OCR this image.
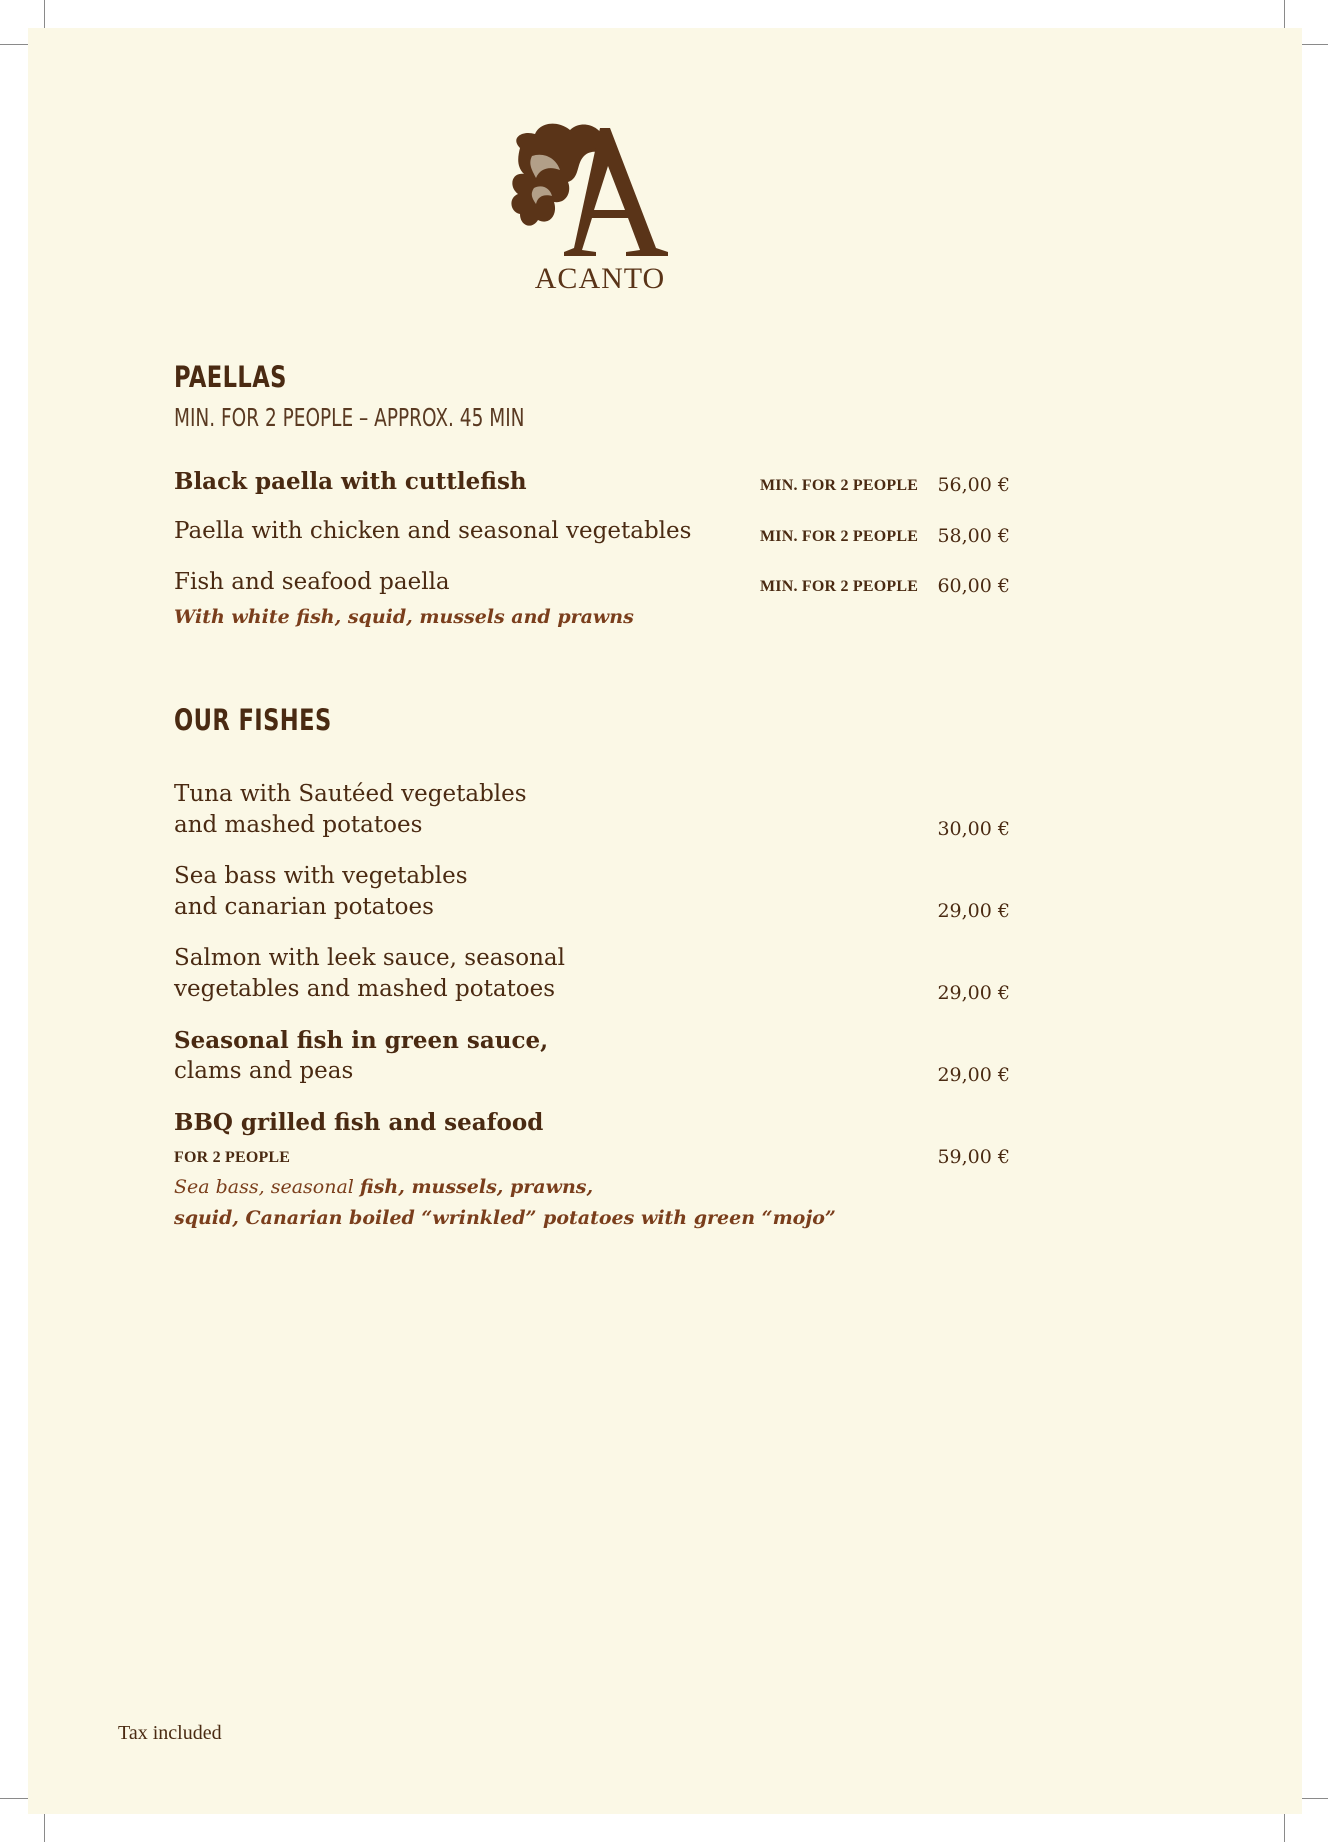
ACANTO
PAELLAS
MIN. FOR 2 PEOPLE – APPROX. 45 MIN
Black paella with cuttlefish	MIN. FOR 2 PEOPLE 56,00 €
Paella with chicken and seasonal vegetables	MIN. FOR 2 PEOPLE 58,00 €
Fish and seafood paella	MIN. FOR 2 PEOPLE 60,00 €
With white fish, squid, mussels and prawns
OUR FISHES
Tuna with Sautéed vegetables
and mashed potatoes	30,00 €
Sea bass with vegetables
and canarian potatoes	29,00 €
Salmon with leek sauce, seasonal
vegetables and mashed potatoes	29,00 €
Seasonal fish in green sauce,
clams and peas	29,00 €
BBQ grilled fish and seafood
FOR 2 PEOPLE	59,00 €
Sea bass, seasonal fish, mussels, prawns,
squid, Canarian boiled “wrinkled” potatoes with green “mojo”
Tax included
